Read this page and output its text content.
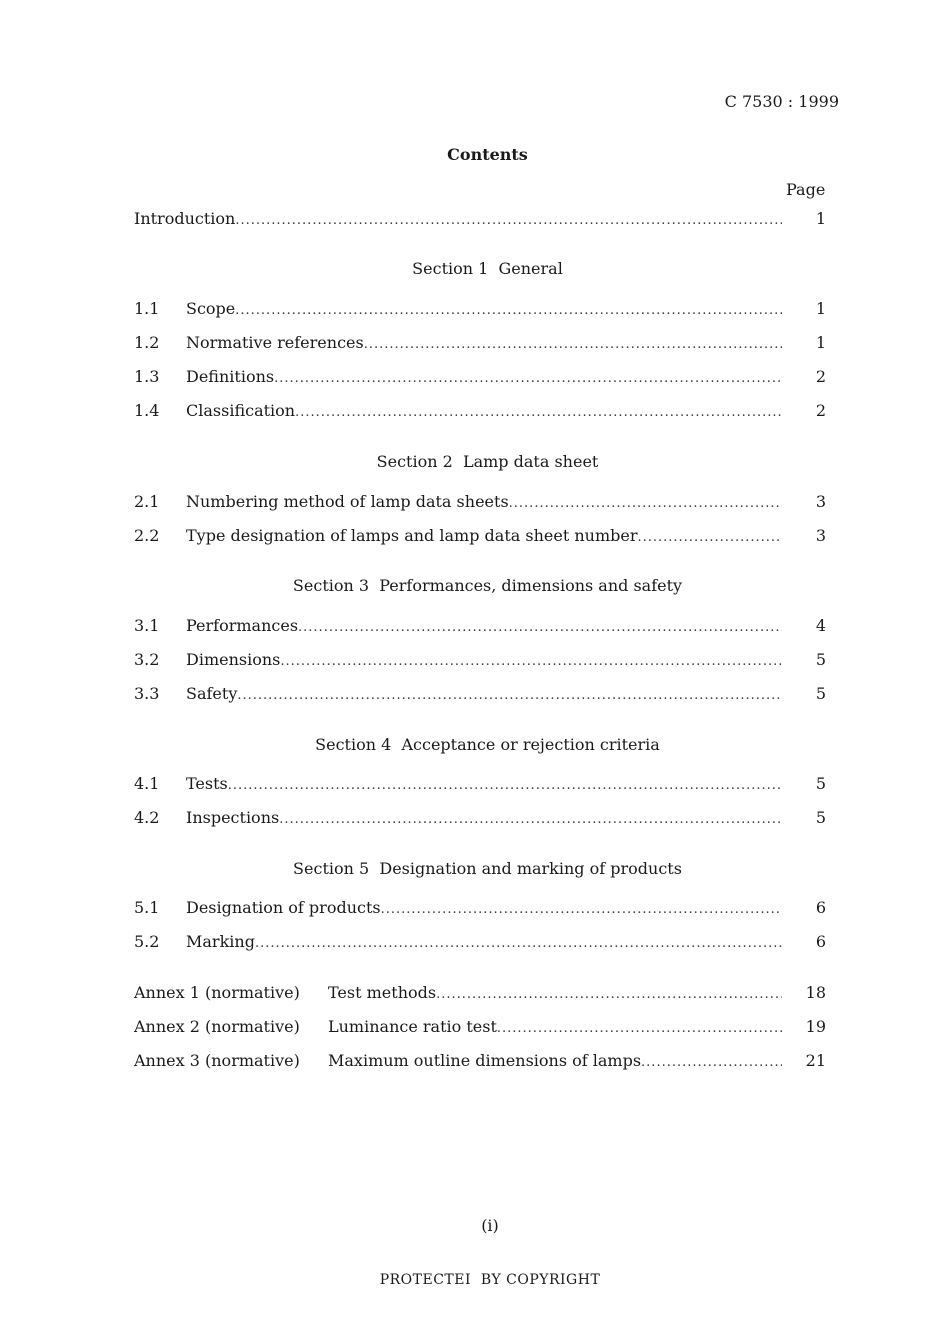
C 7530 : 1999
Contents
Page
Introduction .....	1
Section 1  General
1.1	Scope .....	1
1.2	Normative references .....	1
1.3	Definitions .....	2
1.4	Classification .....	2
Section 2  Lamp data sheet
2.1	Numbering method of lamp data sheets .....	3
2.2	Type designation of lamps and lamp data sheet number .....	3
Section 3  Performances, dimensions and safety
3.1	Performances .....	4
3.2	Dimensions .....	5
3.3	Safety .....	5
Section 4  Acceptance or rejection criteria
4.1	Tests .....	5
4.2	Inspections .....	5
Section 5  Designation and marking of products
5.1	Designation of products .....	6
5.2	Marking .....	6
Annex 1 (normative)	Test methods .....	18
Annex 2 (normative)	Luminance ratio test .....	19
Annex 3 (normative)	Maximum outline dimensions of lamps .....	21
(i)
PROTECTEI  BY COPYRIGHT
